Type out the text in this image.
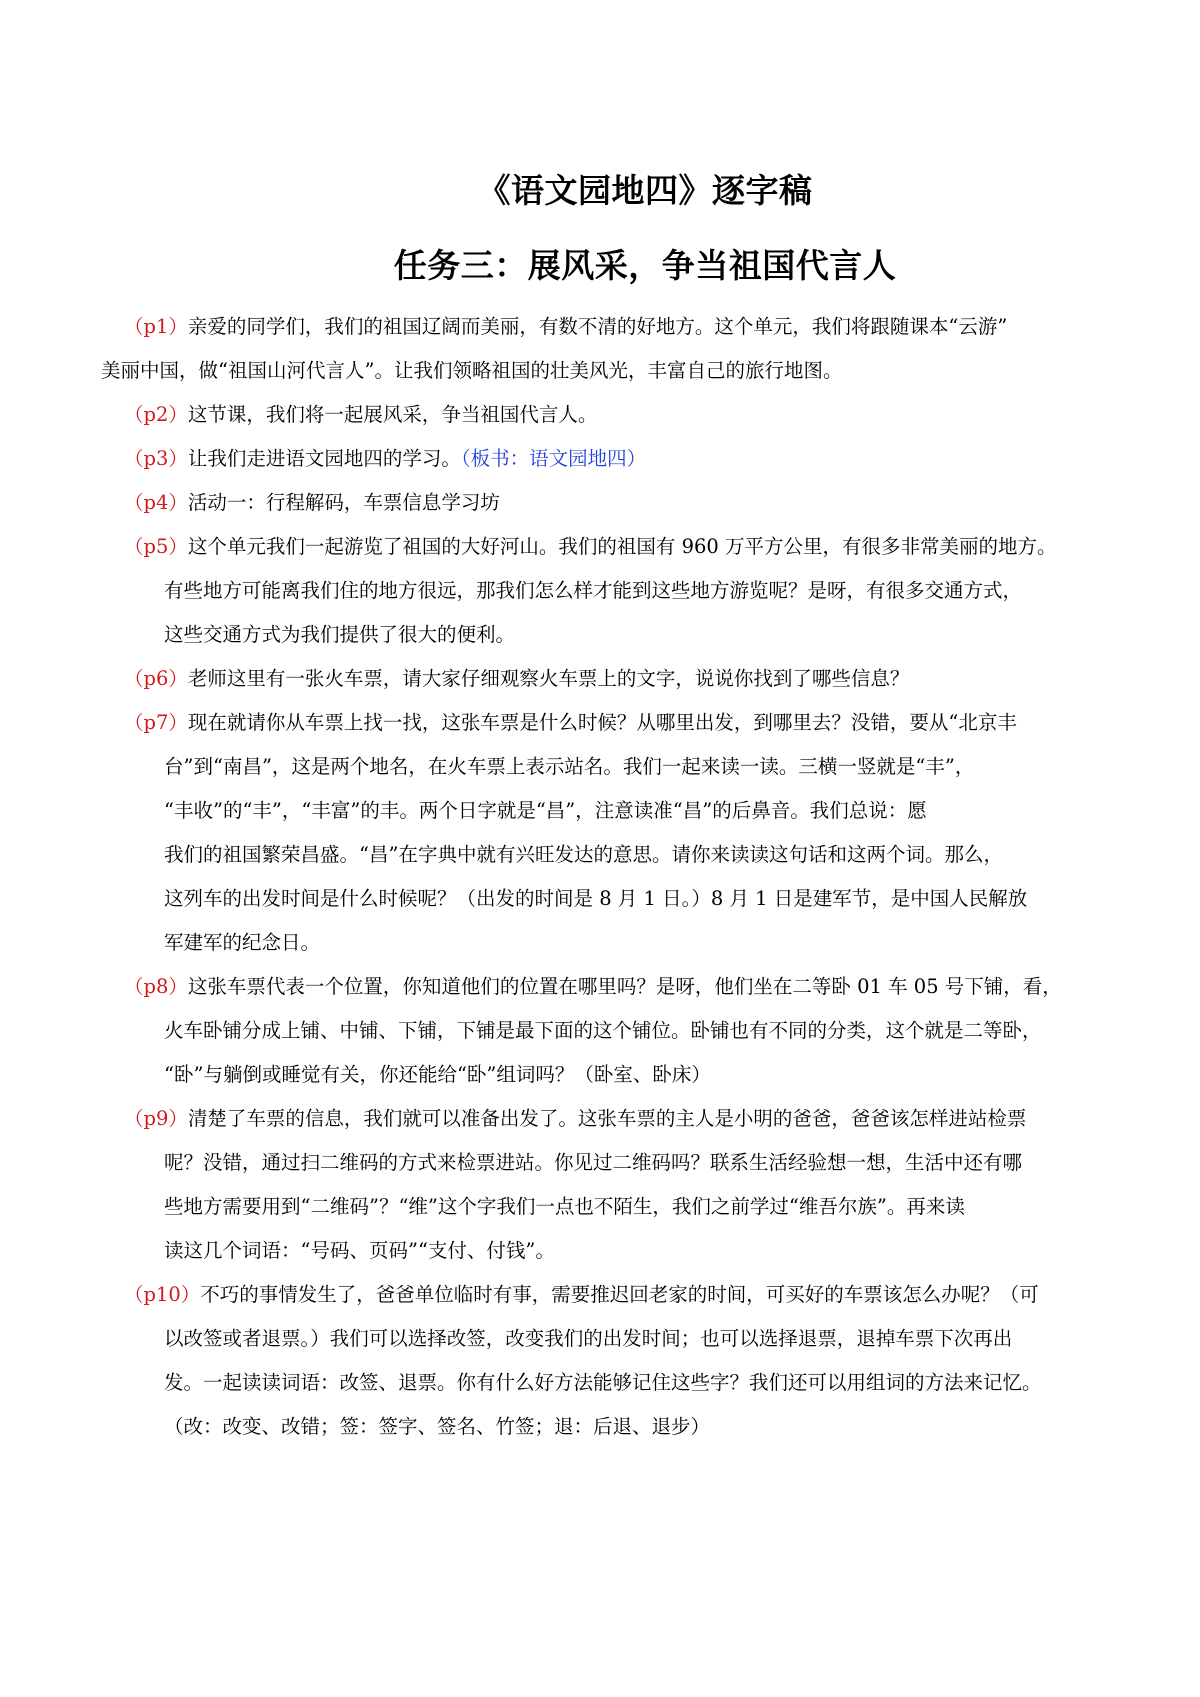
《语文园地四》逐字稿
任务三：展风采，争当祖国代言人
（p1）亲爱的同学们，我们的祖国辽阔而美丽，有数不清的好地方。这个单元，我们将跟随课本“云游”
美丽中国，做“祖国山河代言人”。让我们领略祖国的壮美风光，丰富自己的旅行地图。
（p2）这节课，我们将一起展风采，争当祖国代言人。
（p3）让我们走进语文园地四的学习。（板书：语文园地四）
（p4）活动一：行程解码，车票信息学习坊
（p5）这个单元我们一起游览了祖国的大好河山。我们的祖国有 960 万平方公里，有很多非常美丽的地方。
有些地方可能离我们住的地方很远，那我们怎么样才能到这些地方游览呢？是呀，有很多交通方式，
这些交通方式为我们提供了很大的便利。
（p6）老师这里有一张火车票，请大家仔细观察火车票上的文字，说说你找到了哪些信息？
（p7）现在就请你从车票上找一找，这张车票是什么时候？从哪里出发，到哪里去？没错，要从“北京丰
台”到“南昌”，这是两个地名，在火车票上表示站名。我们一起来读一读。三横一竖就是“丰”，
“丰收”的“丰”，“丰富”的丰。两个日字就是“昌”，注意读准“昌”的后鼻音。我们总说：愿
我们的祖国繁荣昌盛。“昌”在字典中就有兴旺发达的意思。请你来读读这句话和这两个词。那么，
这列车的出发时间是什么时候呢？（出发的时间是 8 月 1 日。）8 月 1 日是建军节，是中国人民解放
军建军的纪念日。
（p8）这张车票代表一个位置，你知道他们的位置在哪里吗？是呀，他们坐在二等卧 01 车 05 号下铺，看，
火车卧铺分成上铺、中铺、下铺，下铺是最下面的这个铺位。卧铺也有不同的分类，这个就是二等卧，
“卧”与躺倒或睡觉有关，你还能给“卧”组词吗？（卧室、卧床）
（p9）清楚了车票的信息，我们就可以准备出发了。这张车票的主人是小明的爸爸，爸爸该怎样进站检票
呢？没错，通过扫二维码的方式来检票进站。你见过二维码吗？联系生活经验想一想，生活中还有哪
些地方需要用到“二维码”？“维”这个字我们一点也不陌生，我们之前学过“维吾尔族”。再来读
读这几个词语：“号码、页码”“支付、付钱”。
（p10）不巧的事情发生了，爸爸单位临时有事，需要推迟回老家的时间，可买好的车票该怎么办呢？（可
以改签或者退票。）我们可以选择改签，改变我们的出发时间；也可以选择退票，退掉车票下次再出
发。一起读读词语：改签、退票。你有什么好方法能够记住这些字？我们还可以用组词的方法来记忆。
（改：改变、改错；签：签字、签名、竹签；退：后退、退步）
